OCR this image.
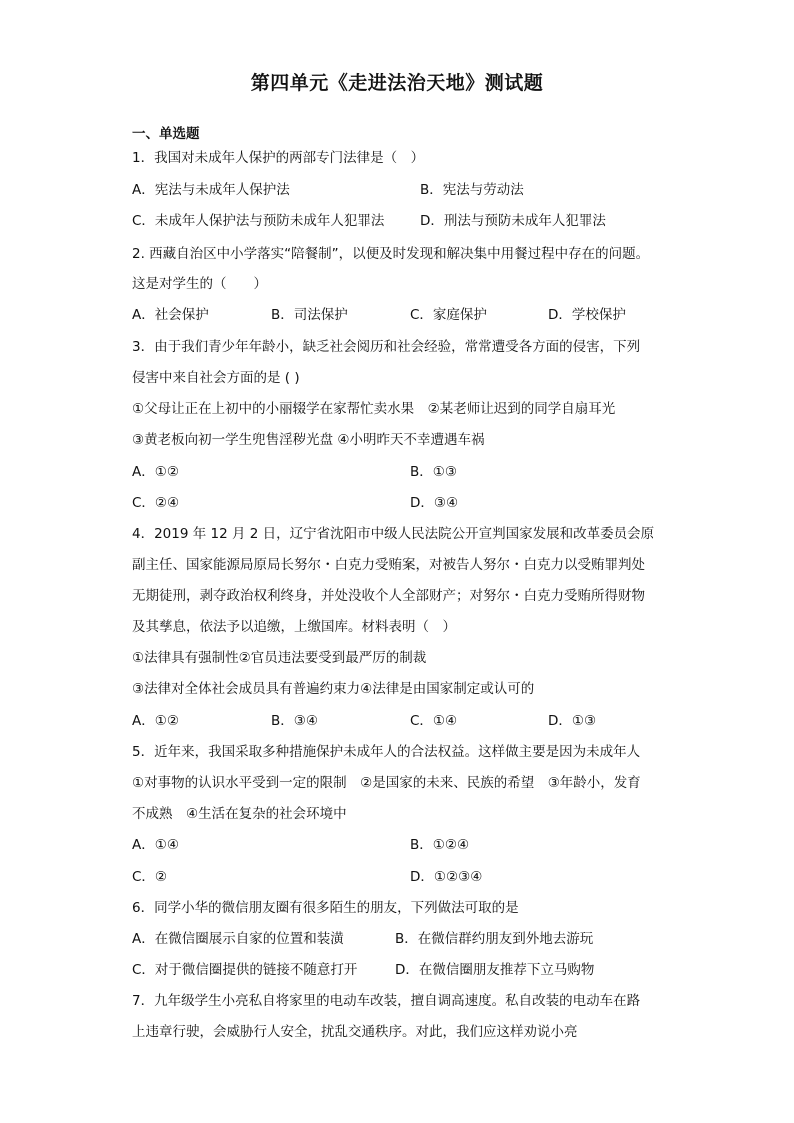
第四单元《走进法治天地》测试题
一、单选题
1．我国对未成年人保护的两部专门法律是（　）
A．宪法与未成年人保护法	B．宪法与劳动法
C．未成年人保护法与预防未成年人犯罪法	D．刑法与预防未成年人犯罪法
2. 西藏自治区中小学落实“陪餐制”，以便及时发现和解决集中用餐过程中存在的问题。
这是对学生的（　　）
A．社会保护	B．司法保护	C．家庭保护	D．学校保护
3．由于我们青少年年龄小，缺乏社会阅历和社会经验，常常遭受各方面的侵害，下列
侵害中来自社会方面的是 ( )
①父母让正在上初中的小丽辍学在家帮忙卖水果　②某老师让迟到的同学自扇耳光
③黄老板向初一学生兜售淫秽光盘 ④小明昨天不幸遭遇车祸
A．①②	B．①③
C．②④	D．③④
4．2019 年 12 月 2 日，辽宁省沈阳市中级人民法院公开宣判国家发展和改革委员会原
副主任、国家能源局原局长努尔・白克力受贿案，对被告人努尔・白克力以受贿罪判处
无期徒刑，剥夺政治权利终身，并处没收个人全部财产；对努尔・白克力受贿所得财物
及其孳息，依法予以追缴，上缴国库。材料表明（　）
①法律具有强制性②官员违法要受到最严厉的制裁
③法律对全体社会成员具有普遍约束力④法律是由国家制定或认可的
A．①②	B．③④	C．①④	D．①③
5．近年来，我国采取多种措施保护未成年人的合法权益。这样做主要是因为未成年人
①对事物的认识水平受到一定的限制　②是国家的未来、民族的希望　③年龄小，发育
不成熟　④生活在复杂的社会环境中
A．①④	B．①②④
C．②	D．①②③④
6．同学小华的微信朋友圈有很多陌生的朋友，下列做法可取的是
A．在微信圈展示自家的位置和装潢	B．在微信群约朋友到外地去游玩
C．对于微信圈提供的链接不随意打开	D．在微信圈朋友推荐下立马购物
7．九年级学生小亮私自将家里的电动车改装，擅自调高速度。私自改装的电动车在路
上违章行驶，会威胁行人安全，扰乱交通秩序。对此，我们应这样劝说小亮
